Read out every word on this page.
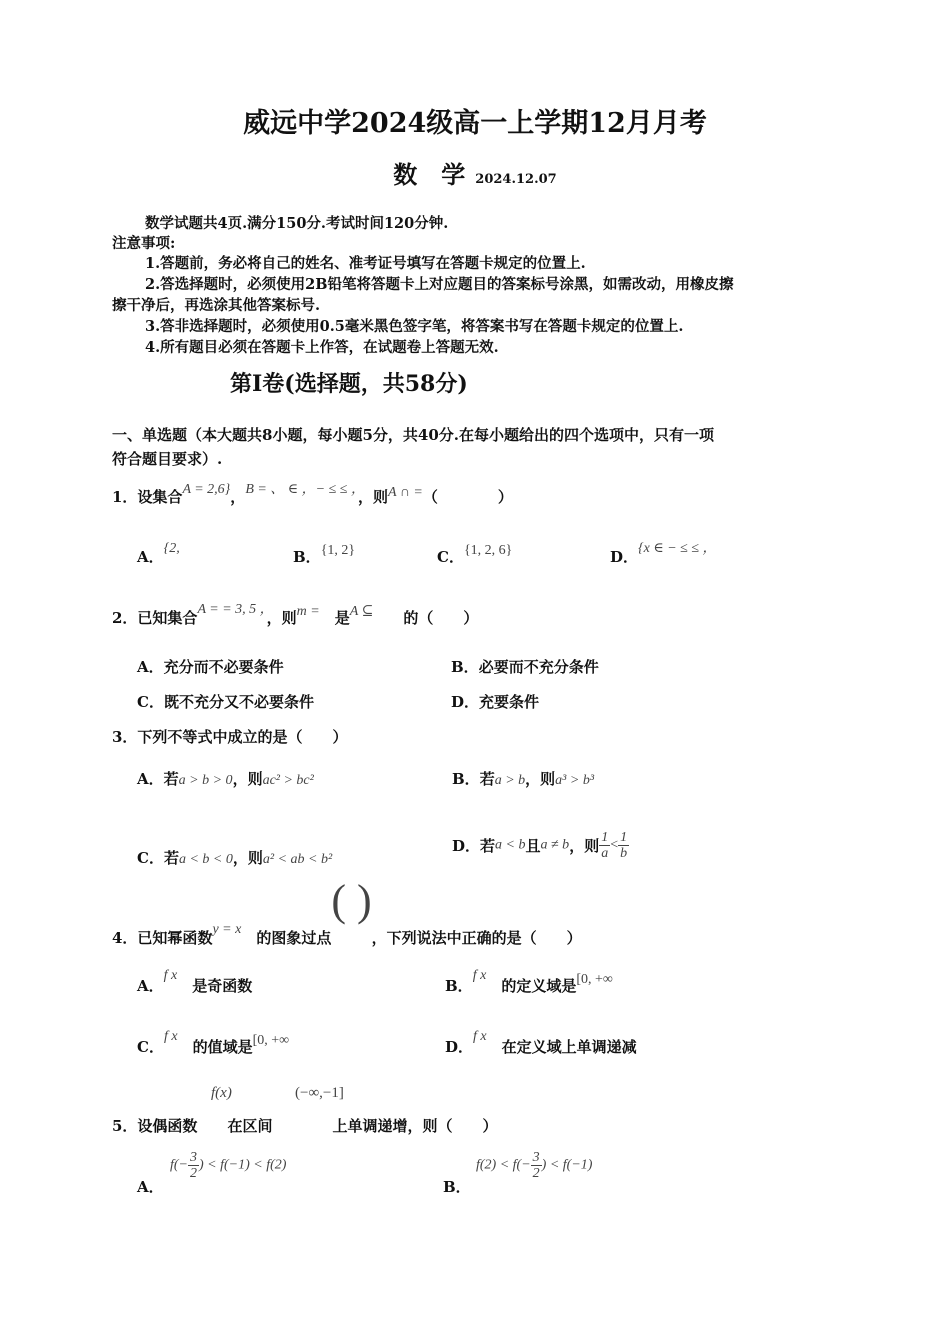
威远中学2024级高一上学期12月月考
数　学 2024.12.07
数学试题共4页.满分150分.考试时间120分钟.
注意事项:
1.答题前，务必将自己的姓名、准考证号填写在答题卡规定的位置上.
2.答选择题时，必须使用2B铅笔将答题卡上对应题目的答案标号涂黑，如需改动，用橡皮擦
擦干净后，再选涂其他答案标号.
3.答非选择题时，必须使用0.5毫米黑色签字笔，将答案书写在答题卡规定的位置上.
4.所有题目必须在答题卡上作答，在试题卷上答题无效.
第Ⅰ卷(选择题，共58分)
一、单选题（本大题共8小题，每小题5分，共40分.在每小题给出的四个选项中，只有一项
符合题目要求）.
1．设集合A = 2,6}，B = 、 ∈ ，− ≤ ≤ ，，则A ∩ =（　　　　）
A．{2,	B．{1, 2}	C．{1, 2, 6}	D．{x ∈ − ≤ ≤ ，
2．已知集合A = = 3, 5 ，，则m =　 是A ⊆　　 的（　　）
A．充分而不必要条件	B．必要而不充分条件
C．既不充分又不必要条件	D．充要条件
3．下列不等式中成立的是（　　）
A．若a > b > 0，则ac² > bc²	B．若a > b，则a³ > b³
C．若a < b < 0，则a² < ab < b²
D．若a < b且a ≠ b，则 $\frac{1}{a} < \frac{1}{b}$
4．已知幂函数y = x　 的图象过点( )，下列说法中正确的是（　　）
A．f x　是奇函数	B．f x　的定义域是[0, +∞
C．f x　的值域是[0, +∞	D．f x　在定义域上单调递减
f(x)	(−∞,−1]
5．设偶函数　　 在区间　　　　	上单调递增，则（　　）
A．
$f(- \frac{3}{2}$ ) < f(−1) < f(2)
B．
$f(2) < f(- \frac{3}{2}$ ) < f(−1)
